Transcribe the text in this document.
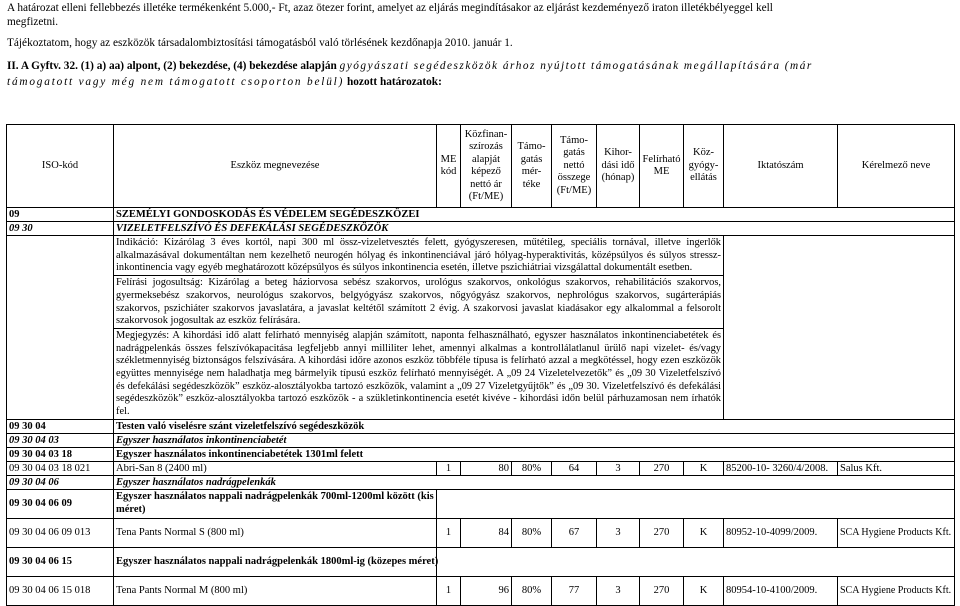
A határozat elleni fellebbezés illetéke termékenként 5.000,- Ft, azaz ötezer forint, amelyet az eljárás megindításakor az eljárást kezdeményező iraton illetékbélyeggel kell
megfizetni.
Tájékoztatom, hogy az eszközök társadalombiztosítási támogatásból való törlésének kezdőnapja 2010. január 1.
II. A Gyftv. 32. (1) a) aa) alpont, (2) bekezdése, (4) bekezdése alapján gyógyászati segédeszközök árhoz nyújtott támogatásának megállapítására (már
támogatott vagy még nem támogatott csoporton belül) hozott határozatok:
ISO-kód	Eszköz megnevezése	ME kód	Közfinan-szírozás alapját képező nettó ár (Ft/ME)	Támo-gatás mér-téke	Támo-gatás nettó összege (Ft/ME)	Kihor-dási idő (hónap)	Felírható ME	Köz-gyógy-ellátás	Iktatószám	Kérelmező neve
09	SZEMÉLYI GONDOSKODÁS ÉS VÉDELEM SEGÉDESZKÖZEI									
09 30	VIZELETFELSZÍVÓ ÉS DEFEKÁLÁSI SEGÉDESZKÖZÖK									
	Indikáció: Kizárólag 3 éves kortól, napi 300 ml össz-vizeletvesztés felett, gyógyszeresen, műtétileg, speciális tornával, illetve ingerlők alkalmazásával dokumentáltan nem kezelhető neurogén hólyag és inkontinenciával járó hólyag-hyperaktivitás, középsúlyos és súlyos stressz-inkontinencia vagy egyéb meghatározott középsúlyos és súlyos inkontinencia esetén, illetve pszichiátriai vizsgálattal dokumentált esetben.									
	Felírási jogosultság: Kizárólag a beteg háziorvosa sebész szakorvos, urológus szakorvos, onkológus szakorvos, rehabilitációs szakorvos, gyermeksebész szakorvos, neurológus szakorvos, belgyógyász szakorvos, nőgyógyász szakorvos, nephrológus szakorvos, sugárterápiás szakorvos, pszichiáter szakorvos javaslatára, a javaslat keltétől számított 2 évig. A szakorvosi javaslat kiadásakor egy alkalommal a felsorolt szakorvosok jogosultak az eszköz felírására.									
	Megjegyzés: A kihordási idő alatt felírható mennyiség alapján számított, naponta felhasználható, egyszer használatos inkontinenciabetétek és nadrágpelenkás összes felszívókapacitása legfeljebb annyi milliliter lehet, amennyi alkalmas a kontrollálatlanul ürülő napi vizelet- és/vagy székletmennyiség biztonságos felszívására. A kihordási időre azonos eszköz többféle típusa is felírható azzal a megkötéssel, hogy ezen eszközök együttes mennyisége nem haladhatja meg bármelyik típusú eszköz felírható mennyiségét. A „09 24 Vizeletelvezetők” és „09 30 Vizeletfelszívó és defekálási segédeszközök” eszköz-alosztályokba tartozó eszközök, valamint a „09 27 Vizeletgyűjtők” és „09 30. Vizeletfelszívó és defekálási segédeszközök” eszköz-alosztályokba tartozó eszközök - a szükletinkontinencia esetét kivéve - kihordási időn belül párhuzamosan nem írhatók fel.									
09 30 04	Testen való viselésre szánt vizeletfelszívó segédeszközök									
09 30 04 03	Egyszer használatos inkontinenciabetét									
09 30 04 03 18	Egyszer használatos inkontinenciabetétek 1301ml felett									
09 30 04 03 18 021	Abri-San 8 (2400 ml)	1	80	80%	64	3	270	K	85200-10- 3260/4/2008.	Salus Kft.
09 30 04 06	Egyszer használatos nadrágpelenkák									
09 30 04 06 09	Egyszer használatos nappali nadrágpelenkák 700ml-1200ml között (kis méret)									
09 30 04 06 09 013	Tena Pants Normal S (800 ml)	1	84	80%	67	3	270	K	80952-10-4099/2009.	SCA Hygiene Products Kft.
09 30 04 06 15	Egyszer használatos nappali nadrágpelenkák 1800ml-ig (közepes méret)									
09 30 04 06 15 018	Tena Pants Normal M (800 ml)	1	96	80%	77	3	270	K	80954-10-4100/2009.	SCA Hygiene Products Kft.
